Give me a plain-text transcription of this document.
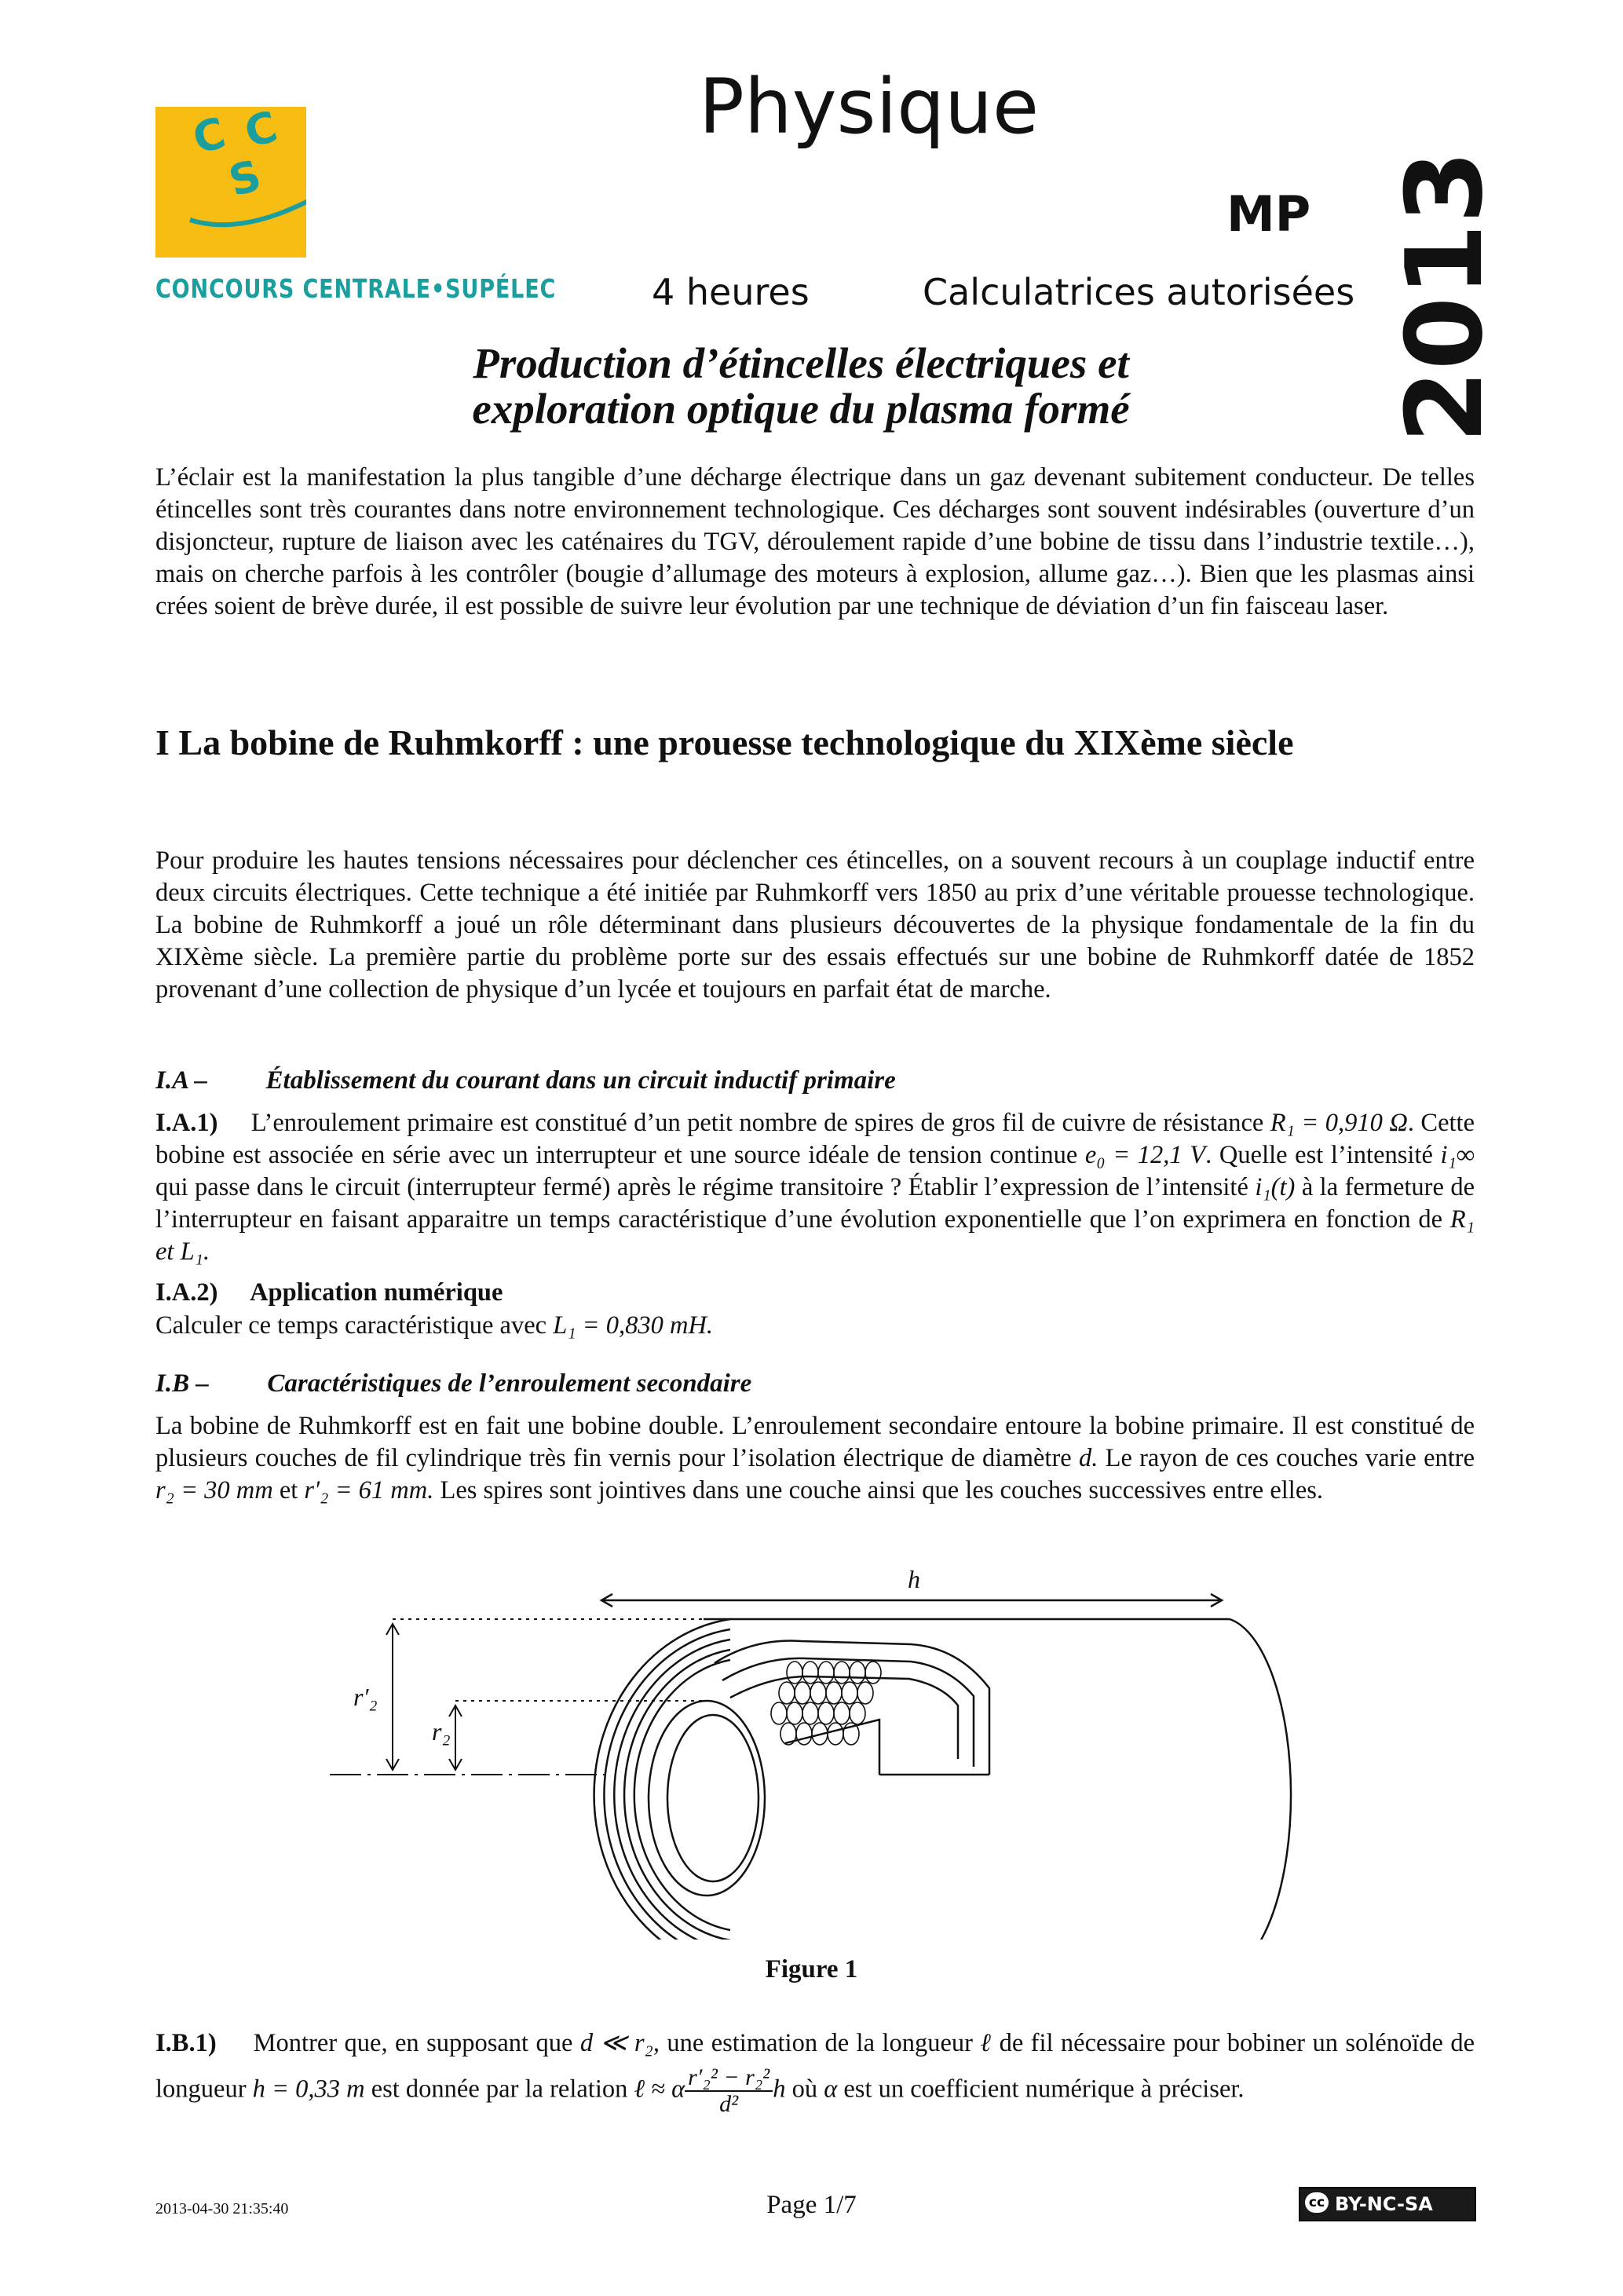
C C
S
CONCOURS CENTRALE•SUPÉLEC
Physique
MP
4 heures	Calculatrices autorisées 2013
Production d’étincelles électriques et
exploration optique du plasma formé
L’éclair est la manifestation la plus tangible d’une décharge électrique dans un gaz devenant subitement conducteur. De telles étincelles sont très courantes dans notre environnement technologique. Ces décharges sont souvent indésirables (ouverture d’un disjoncteur, rupture de liaison avec les caténaires du TGV, déroulement rapide d’une bobine de tissu dans l’industrie textile…), mais on cherche parfois à les contrôler (bougie d’allumage des moteurs à explosion, allume gaz…). Bien que les plasmas ainsi crées soient de brève durée, il est possible de suivre leur évolution par une technique de déviation d’un fin faisceau laser.
I La bobine de Ruhmkorff : une prouesse technologique du XIXème siècle
Pour produire les hautes tensions nécessaires pour déclencher ces étincelles, on a souvent recours à un couplage inductif entre deux circuits électriques. Cette technique a été initiée par Ruhmkorff vers 1850 au prix d’une véritable prouesse technologique. La bobine de Ruhmkorff a joué un rôle déterminant dans plusieurs découvertes de la physique fondamentale de la fin du XIXème siècle. La première partie du problème porte sur des essais effectués sur une bobine de Ruhmkorff datée de 1852 provenant d’une collection de physique d’un lycée et toujours en parfait état de marche.
I.A – Établissement du courant dans un circuit inductif primaire
I.A.1) L’enroulement primaire est constitué d’un petit nombre de spires de gros fil de cuivre de résistance R₁ = 0,910 Ω. Cette bobine est associée en série avec un interrupteur et une source idéale de tension continue e₀ = 12,1 V. Quelle est l’intensité i₁∞ qui passe dans le circuit (interrupteur fermé) après le régime transitoire ? Établir l’expression de l’intensité i₁(t) à la fermeture de l’interrupteur en faisant apparaitre un temps caractéristique d’une évolution exponentielle que l’on exprimera en fonction de R₁ et L₁.
I.A.2) Application numérique
Calculer ce temps caractéristique avec L₁ = 0,830 mH.
I.B – Caractéristiques de l’enroulement secondaire
La bobine de Ruhmkorff est en fait une bobine double. L’enroulement secondaire entoure la bobine primaire. Il est constitué de plusieurs couches de fil cylindrique très fin vernis pour l’isolation électrique de diamètre d. Le rayon de ces couches varie entre r₂ = 30 mm et r′₂ = 61 mm. Les spires sont jointives dans une couche ainsi que les couches successives entre elles.
h
r′₂
r₂
Figure 1
I.B.1) Montrer que, en supposant que d ≪ r₂, une estimation de la longueur ℓ de fil nécessaire pour bobiner un solénoïde de longueur h = 0,33 m est donnée par la relation ℓ ≈ α $\frac{\text{r′₂² − r₂²}}{\text{d²}}$ h où α est un coefficient numérique à préciser.
2013-04-30 21:35:40	Page 1/7	cc BY-NC-SA
